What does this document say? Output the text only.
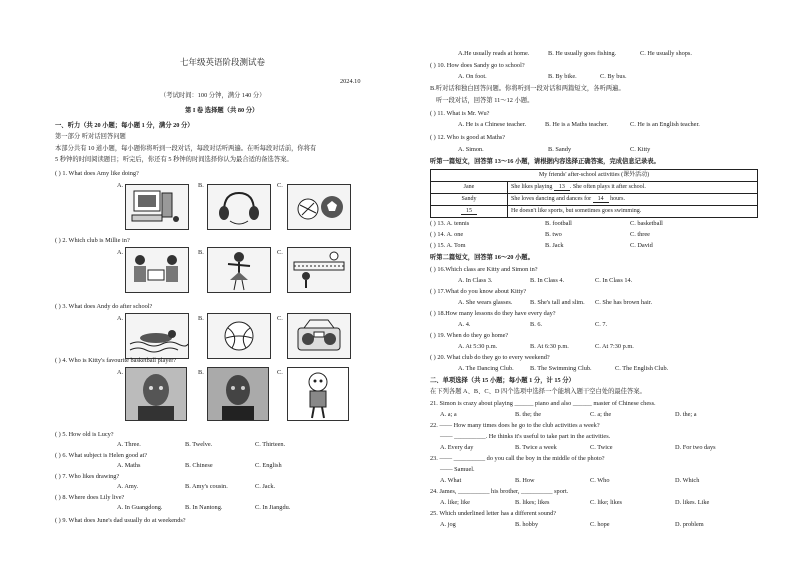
七年级英语阶段测试卷
2024.10
（考试时间：100 分钟，满分 140 分）
第 I 卷 选择题（共 80 分）
一、听力（共 20 小题；每小题 1 分，满分 20 分）
第一部分 听对话回答问题
本部分共有 10 道小题，每小题你将听到一段对话，每段对话听两遍。在听每段对话前，你将有
5 秒钟的时间阅读题目；听完后，你还有 5 秒钟的时间选择你认为最合适的备选答案。
( ) 1. What does Amy like doing?
A.	B.	C.
( ) 2. Which club is Millie in?
A.	B.	C.
( ) 3. What does Andy do after school?
A.	B.	C.
( ) 4. Who is Kitty's favourite basketball player?
A.	B.	C.
( ) 5. How old is Lucy?
A. Three.	B. Twelve.	C. Thirteen.
( ) 6. What subject is Helen good at?
A. Maths	B. Chinese	C. English
( ) 7. Who likes drawing?
A. Amy.	B. Amy's cousin.	C. Jack.
( ) 8. Where does Lily live?
A. In Guangdong.	B. In Nantong.	C. In Jiangdu.
( ) 9. What does June's dad usually do at weekends?
A.He usually reads at home.	B. He usually goes fishing.	C. He usually shops.
( ) 10. How does Sandy go to school?
A. On foot.	B. By bike.	C. By bus.
B.听对话和独白回答问题。你将听到一段对话和两篇短文，各听两遍。
听一段对话，回答第 11～12 小题。
( ) 11. What is Mr. Wu?
A. He is a Chinese teacher.	B. He is a Maths teacher.	C. He is an English teacher.
( ) 12. Who is good at Maths?
A. Simon.	B. Sandy	C. Kitty
听第一篇短文，回答第 13～16 小题，请根据内容选择正确答案，完成信息记录表。
My friends' after-school activities (课外活动)	
Jane	She likes playing 13 . She often plays it after school.
Sandy	She loves dancing and dances for 14 hours.
15	He doesn't like sports, but sometimes goes swimming.
( ) 13. A. tennis	B. football	C. basketball
( ) 14. A. one	B. two	C. three
( ) 15. A. Tom	B. Jack	C. David
听第二篇短文，回答第 16～20 小题。
( ) 16.Which class are Kitty and Simon in?
A. In Class 3.	B. In Class 4.	C. In Class 14.
( ) 17.What do you know about Kitty?
A. She wears glasses.	B. She's tall and slim. C. She has brown hair.
( ) 18.How many lessons do they have every day?
A. 4.	B. 6.	C. 7.
( ) 19. When do they go home?
A. At 5:30 p.m.	B. At 6:30 p.m.	C. At 7:30 p.m.
( ) 20. What club do they go to every weekend?
A. The Dancing Club.	B. The Swimming Club.	C. The English Club.
二、单项选择（共 15 小题；每小题 1 分，计 15 分）
在下列各题 A、B、C、D 四个选项中选择一个能填入题干空白处的最佳答案。
21. Simon is crazy about playing ______ piano and also ______ master of Chinese chess.
A. a; a	B. the; the	C. a; the	D. the; a
22. —— How many times does he go to the club activities a week?
—— __________. He thinks it's useful to take part in the activities.
A. Every day	B. Twice a week	C. Twice	D. For two days
23. —— __________ do you call the boy in the middle of the photo?
—— Samuel.
A. What	B. How	C. Who	D. Which
24. James, __________ his brother, __________ sport.
A. like; like	B. likes; likes	C. like; likes	D. likes. Like
25. Which underlined letter has a different sound?
A. jog	B. hobby	C. hope	D. problem
